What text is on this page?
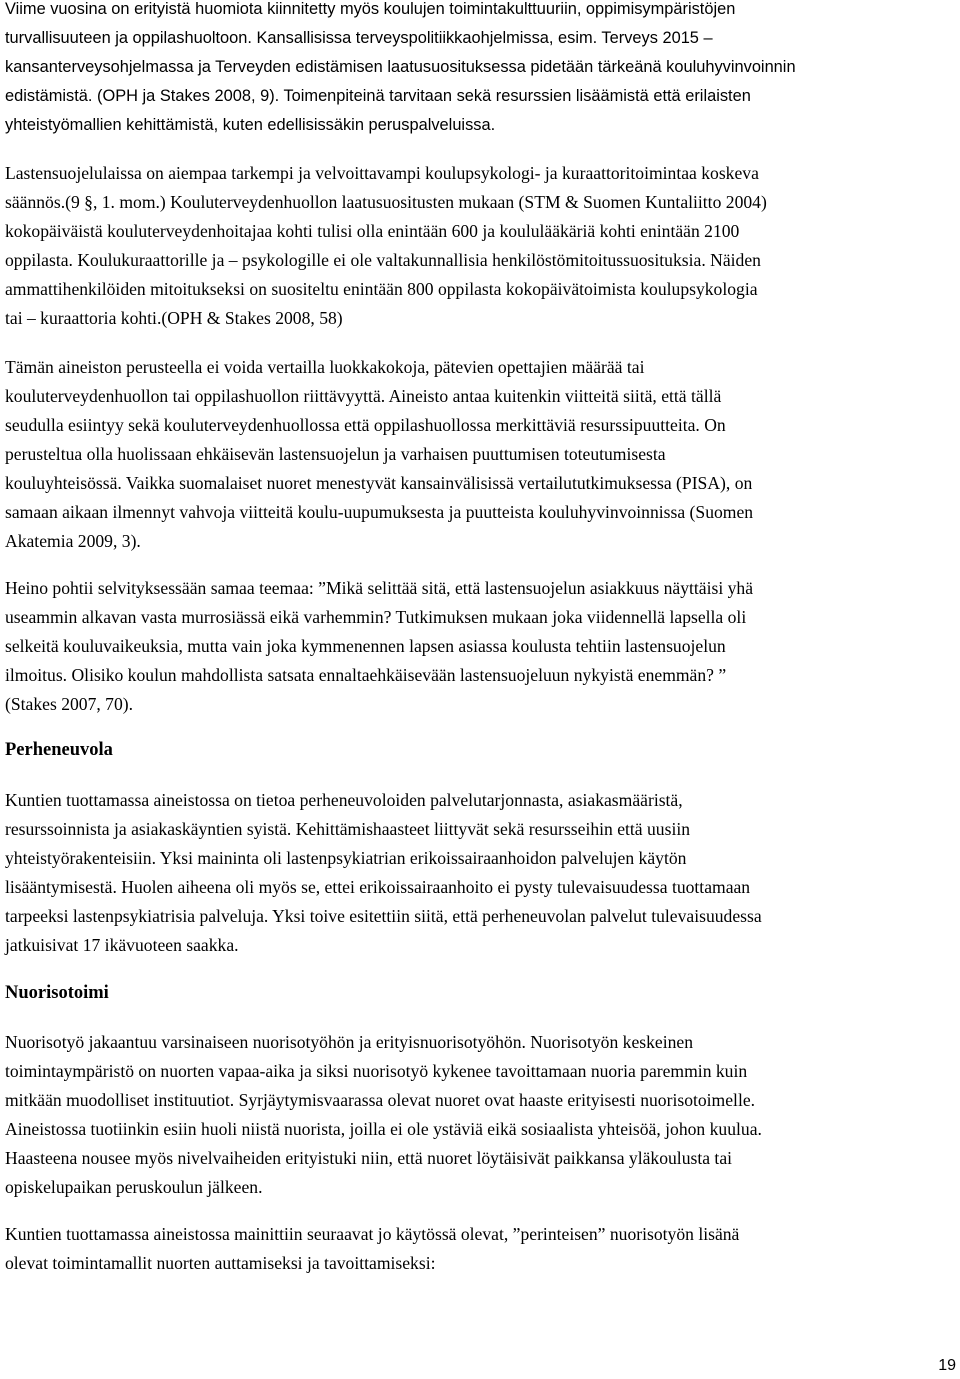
Viime vuosina on erityistä huomiota kiinnitetty myös koulujen toimintakulttuuriin, oppimisympäristöjen
turvallisuuteen ja oppilashuoltoon. Kansallisissa terveyspolitiikkaohjelmissa, esim. Terveys 2015 –
kansanterveysohjelmassa ja Terveyden edistämisen laatusuosituksessa pidetään tärkeänä kouluhyvinvoinnin
edistämistä. (OPH ja Stakes 2008, 9). Toimenpiteinä tarvitaan sekä resurssien lisäämistä että erilaisten
yhteistyömallien kehittämistä, kuten edellisissäkin peruspalveluissa.
Lastensuojelulaissa on aiempaa tarkempi ja velvoittavampi koulupsykologi- ja kuraattoritoimintaa koskeva
säännös.(9 §, 1. mom.) Kouluterveydenhuollon laatusuositusten mukaan (STM & Suomen Kuntaliitto 2004)
kokopäiväistä kouluterveydenhoitajaa kohti tulisi olla enintään 600 ja koululääkäriä kohti enintään 2100
oppilasta. Koulukuraattorille ja – psykologille ei ole valtakunnallisia henkilöstömitoitussuosituksia. Näiden
ammattihenkilöiden mitoitukseksi on suositeltu enintään 800 oppilasta kokopäivätoimista koulupsykologia
tai – kuraattoria kohti.(OPH & Stakes 2008, 58)
Tämän aineiston perusteella ei voida vertailla luokkakokoja, pätevien opettajien määrää tai
kouluterveydenhuollon tai oppilashuollon riittävyyttä. Aineisto antaa kuitenkin viitteitä siitä, että tällä
seudulla esiintyy sekä kouluterveydenhuollossa että oppilashuollossa merkittäviä resurssipuutteita. On
perusteltua olla huolissaan ehkäisevän lastensuojelun ja varhaisen puuttumisen toteutumisesta
kouluyhteisössä. Vaikka suomalaiset nuoret menestyvät kansainvälisissä vertailututkimuksessa (PISA), on
samaan aikaan ilmennyt vahvoja viitteitä koulu-uupumuksesta ja puutteista kouluhyvinvoinnissa (Suomen
Akatemia 2009, 3).
Heino pohtii selvityksessään samaa teemaa: ”Mikä selittää sitä, että lastensuojelun asiakkuus näyttäisi yhä
useammin alkavan vasta murrosiässä eikä varhemmin? Tutkimuksen mukaan joka viidennellä lapsella oli
selkeitä kouluvaikeuksia, mutta vain joka kymmenennen lapsen asiassa koulusta tehtiin lastensuojelun
ilmoitus. Olisiko koulun mahdollista satsata ennaltaehkäisevään lastensuojeluun nykyistä enemmän? ”
(Stakes 2007, 70).
Perheneuvola
Kuntien tuottamassa aineistossa on tietoa perheneuvoloiden palvelutarjonnasta, asiakasmääristä,
resurssoinnista ja asiakaskäyntien syistä. Kehittämishaasteet liittyvät sekä resursseihin että uusiin
yhteistyörakenteisiin. Yksi maininta oli lastenpsykiatrian erikoissairaanhoidon palvelujen käytön
lisääntymisestä. Huolen aiheena oli myös se, ettei erikoissairaanhoito ei pysty tulevaisuudessa tuottamaan
tarpeeksi lastenpsykiatrisia palveluja. Yksi toive esitettiin siitä, että perheneuvolan palvelut tulevaisuudessa
jatkuisivat 17 ikävuoteen saakka.
Nuorisotoimi
Nuorisotyö jakaantuu varsinaiseen nuorisotyöhön ja erityisnuorisotyöhön. Nuorisotyön keskeinen
toimintaympäristö on nuorten vapaa-aika ja siksi nuorisotyö kykenee tavoittamaan nuoria paremmin kuin
mitkään muodolliset instituutiot. Syrjäytymisvaarassa olevat nuoret ovat haaste erityisesti nuorisotoimelle.
Aineistossa tuotiinkin esiin huoli niistä nuorista, joilla ei ole ystäviä eikä sosiaalista yhteisöä, johon kuulua.
Haasteena nousee myös nivelvaiheiden erityistuki niin, että nuoret löytäisivät paikkansa yläkoulusta tai
opiskelupaikan peruskoulun jälkeen.
Kuntien tuottamassa aineistossa mainittiin seuraavat jo käytössä olevat, ”perinteisen” nuorisotyön lisänä
olevat toimintamallit nuorten auttamiseksi ja tavoittamiseksi:
19
